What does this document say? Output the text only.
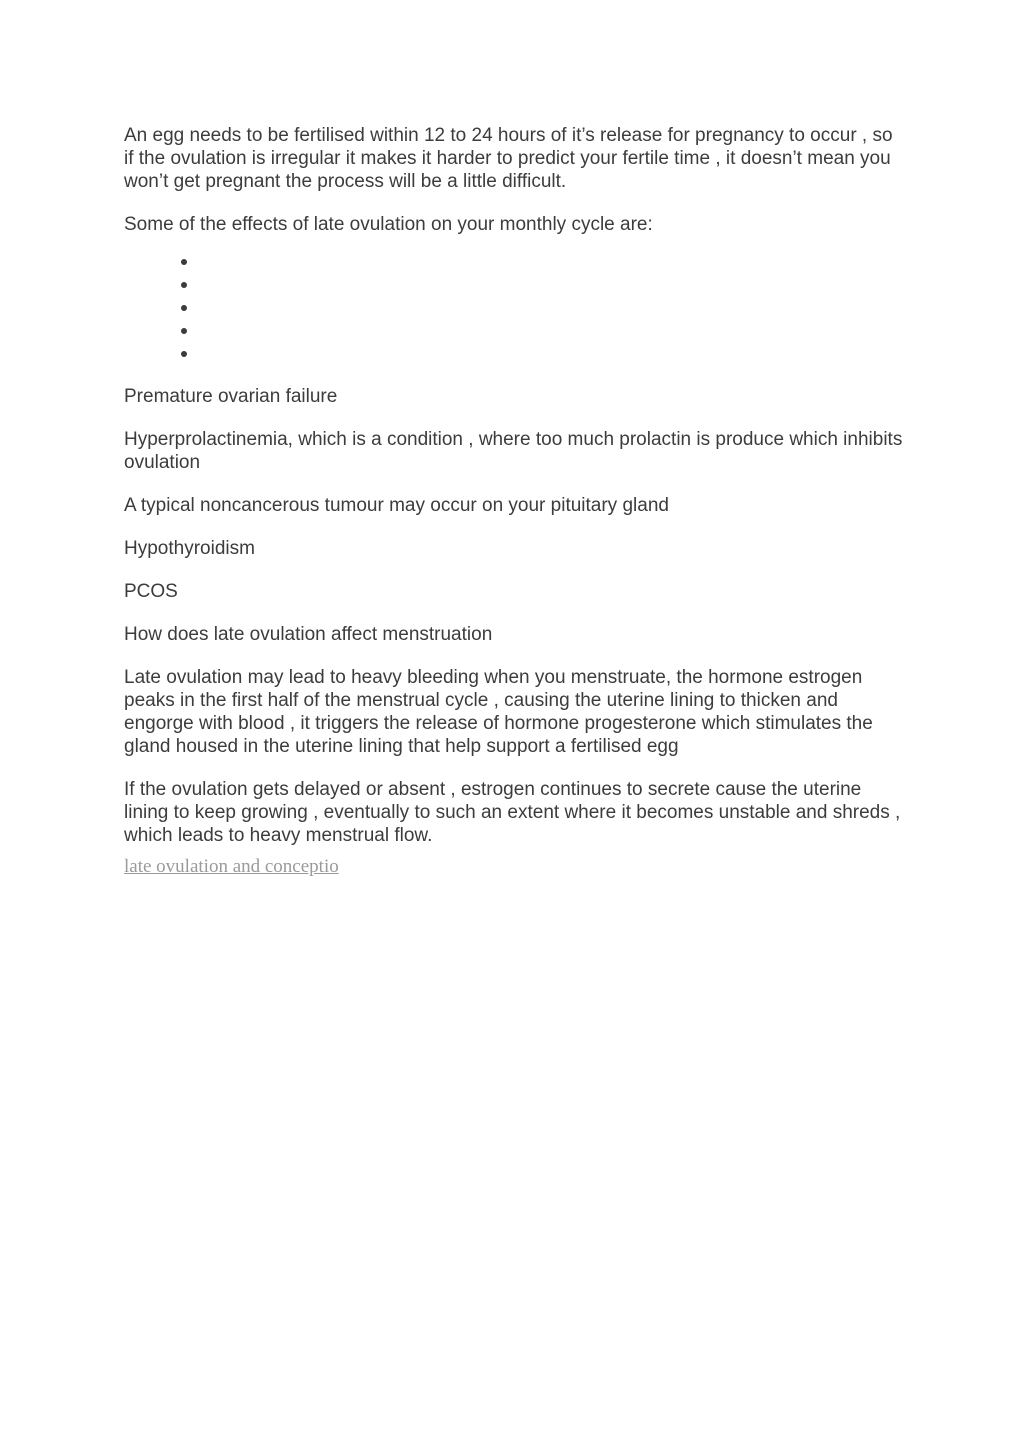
An egg needs to be fertilised within 12 to 24 hours of it’s release for pregnancy to occur , so if the ovulation is irregular it makes it harder to predict your fertile time , it doesn’t mean you won’t get pregnant the process will be a little difficult.

Some of the effects of late ovulation on your monthly cycle are:

Premature ovarian failure

Hyperprolactinemia, which is a condition , where too much prolactin is produce which inhibits ovulation

A typical noncancerous tumour may occur on your pituitary gland

Hypothyroidism

PCOS

How does late ovulation affect menstruation

Late ovulation may lead to heavy bleeding when you menstruate, the hormone estrogen peaks in the first half of the menstrual cycle , causing the uterine lining to thicken and engorge with blood , it triggers the release of hormone progesterone which stimulates the gland housed in the uterine lining that help support a fertilised egg

If the ovulation gets delayed or absent , estrogen continues to secrete cause the uterine lining to keep growing , eventually to such an extent where it becomes unstable and shreds , which leads to heavy menstrual flow.

late ovulation and conceptio
